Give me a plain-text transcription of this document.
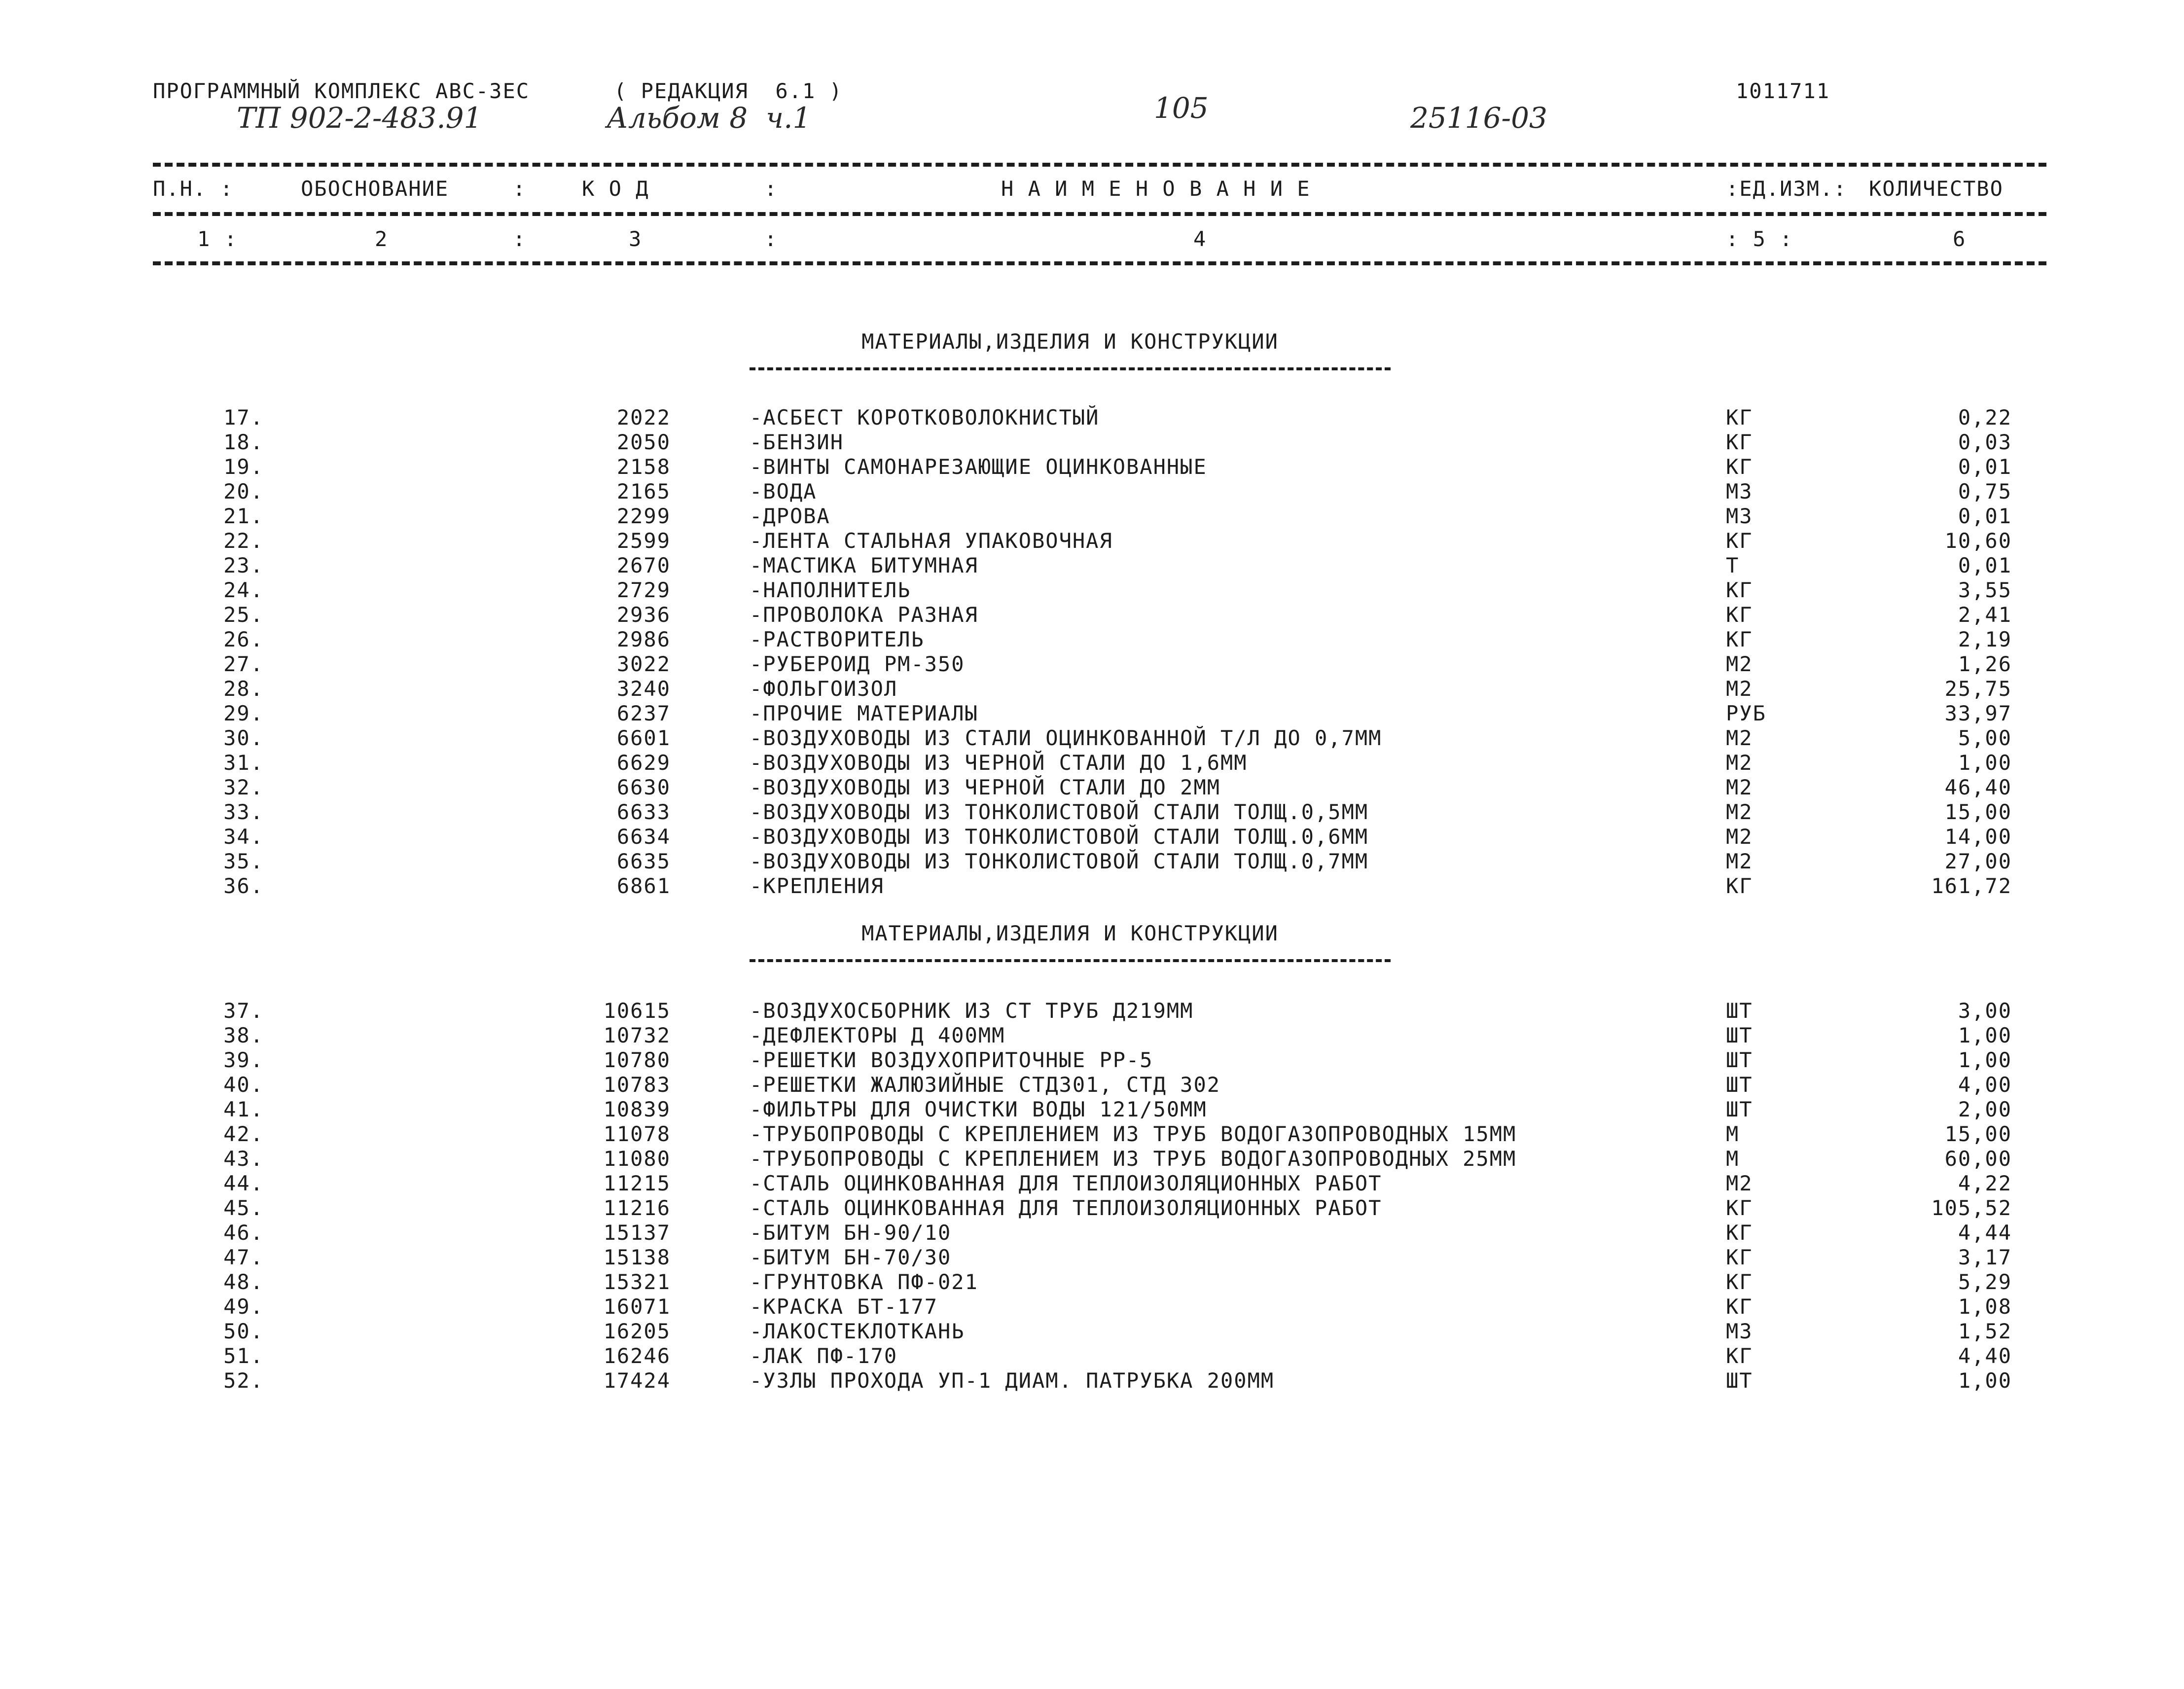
ПРОГРАММНЫЙ КОМПЛЕКС АВС-3ЕС	( РЕДАКЦИЯ  6.1 )	1011711
ТП 902-2-483.91	Альбом 8  ч.1	105	25116-03
П.Н. :	ОБОСНОВАНИЕ	:	К О Д	:	Н А И М Е Н О В А Н И Е	:ЕД.ИЗМ.: КОЛИЧЕСТВО
1 :	2	:	3	:	4	: 5 :	6
МАТЕРИАЛЫ,ИЗДЕЛИЯ И КОНСТРУКЦИИ
17.	2022	-АСБЕСТ КОРОТКОВОЛОКНИСТЫЙ	КГ	0,22
18.	2050	-БЕНЗИН	КГ	0,03
19.	2158	-ВИНТЫ САМОНАРЕЗАЮЩИЕ ОЦИНКОВАННЫЕ	КГ	0,01
20.	2165	-ВОДА	М3	0,75
21.	2299	-ДРОВА	М3	0,01
22.	2599	-ЛЕНТА СТАЛЬНАЯ УПАКОВОЧНАЯ	КГ	10,60
23.	2670	-МАСТИКА БИТУМНАЯ	Т	0,01
24.	2729	-НАПОЛНИТЕЛЬ	КГ	3,55
25.	2936	-ПРОВОЛОКА РАЗНАЯ	КГ	2,41
26.	2986	-РАСТВОРИТЕЛЬ	КГ	2,19
27.	3022	-РУБЕРОИД РМ-350	М2	1,26
28.	3240	-ФОЛЬГОИЗОЛ	М2	25,75
29.	6237	-ПРОЧИЕ МАТЕРИАЛЫ	РУБ	33,97
30.	6601	-ВОЗДУХОВОДЫ ИЗ СТАЛИ ОЦИНКОВАННОЙ Т/Л ДО 0,7ММ	М2	5,00
31.	6629	-ВОЗДУХОВОДЫ ИЗ ЧЕРНОЙ СТАЛИ ДО 1,6ММ	М2	1,00
32.	6630	-ВОЗДУХОВОДЫ ИЗ ЧЕРНОЙ СТАЛИ ДО 2ММ	М2	46,40
33.	6633	-ВОЗДУХОВОДЫ ИЗ ТОНКОЛИСТОВОЙ СТАЛИ ТОЛЩ.0,5ММ	М2	15,00
34.	6634	-ВОЗДУХОВОДЫ ИЗ ТОНКОЛИСТОВОЙ СТАЛИ ТОЛЩ.0,6ММ	М2	14,00
35.	6635	-ВОЗДУХОВОДЫ ИЗ ТОНКОЛИСТОВОЙ СТАЛИ ТОЛЩ.0,7ММ	М2	27,00
36.	6861	-КРЕПЛЕНИЯ	КГ	161,72
МАТЕРИАЛЫ,ИЗДЕЛИЯ И КОНСТРУКЦИИ
37.	10615	-ВОЗДУХОСБОРНИК ИЗ СТ ТРУБ Д219ММ	ШТ	3,00
38.	10732	-ДЕФЛЕКТОРЫ Д 400ММ	ШТ	1,00
39.	10780	-РЕШЕТКИ ВОЗДУХОПРИТОЧНЫЕ РР-5	ШТ	1,00
40.	10783	-РЕШЕТКИ ЖАЛЮЗИЙНЫЕ СТД301, СТД 302	ШТ	4,00
41.	10839	-ФИЛЬТРЫ ДЛЯ ОЧИСТКИ ВОДЫ 121/50ММ	ШТ	2,00
42.	11078	-ТРУБОПРОВОДЫ С КРЕПЛЕНИЕМ ИЗ ТРУБ ВОДОГАЗОПРОВОДНЫХ 15ММ	М	15,00
43.	11080	-ТРУБОПРОВОДЫ С КРЕПЛЕНИЕМ ИЗ ТРУБ ВОДОГАЗОПРОВОДНЫХ 25ММ	М	60,00
44.	11215	-СТАЛЬ ОЦИНКОВАННАЯ ДЛЯ ТЕПЛОИЗОЛЯЦИОННЫХ РАБОТ	М2	4,22
45.	11216	-СТАЛЬ ОЦИНКОВАННАЯ ДЛЯ ТЕПЛОИЗОЛЯЦИОННЫХ РАБОТ	КГ	105,52
46.	15137	-БИТУМ БН-90/10	КГ	4,44
47.	15138	-БИТУМ БН-70/30	КГ	3,17
48.	15321	-ГРУНТОВКА ПФ-021	КГ	5,29
49.	16071	-КРАСКА БТ-177	КГ	1,08
50.	16205	-ЛАКОСТЕКЛОТКАНЬ	М3	1,52
51.	16246	-ЛАК ПФ-170	КГ	4,40
52.	17424	-УЗЛЫ ПРОХОДА УП-1 ДИАМ. ПАТРУБКА 200ММ	ШТ	1,00
